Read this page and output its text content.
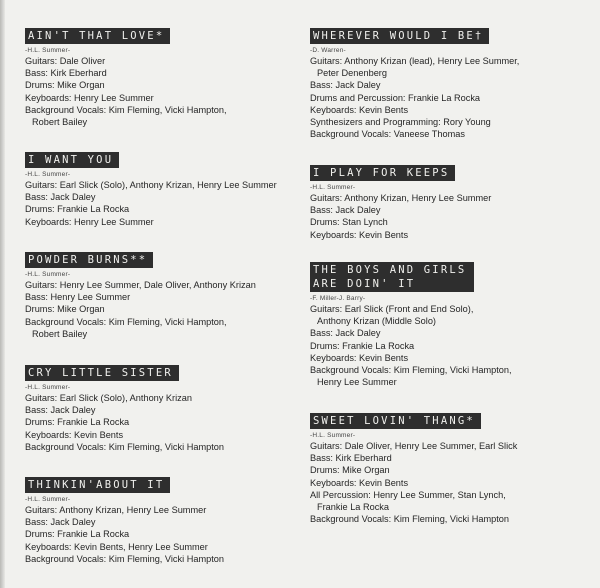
AIN'T THAT LOVE*
-H.L. Summer-
Guitars: Dale Oliver
Bass: Kirk Eberhard
Drums: Mike Organ
Keyboards: Henry Lee Summer
Background Vocals: Kim Fleming, Vicki Hampton,
Robert Bailey
I WANT YOU
-H.L. Summer-
Guitars: Earl Slick (Solo), Anthony Krizan, Henry Lee Summer
Bass: Jack Daley
Drums: Frankie La Rocka
Keyboards: Henry Lee Summer
POWDER BURNS**
-H.L. Summer-
Guitars: Henry Lee Summer, Dale Oliver, Anthony Krizan
Bass: Henry Lee Summer
Drums: Mike Organ
Background Vocals: Kim Fleming, Vicki Hampton,
Robert Bailey
CRY LITTLE SISTER
-H.L. Summer-
Guitars: Earl Slick (Solo), Anthony Krizan
Bass: Jack Daley
Drums: Frankie La Rocka
Keyboards: Kevin Bents
Background Vocals: Kim Fleming, Vicki Hampton
THINKIN'ABOUT IT
-H.L. Summer-
Guitars: Anthony Krizan, Henry Lee Summer
Bass: Jack Daley
Drums: Frankie La Rocka
Keyboards: Kevin Bents, Henry Lee Summer
Background Vocals: Kim Fleming, Vicki Hampton
WHEREVER WOULD I BE†
-D. Warren-
Guitars: Anthony Krizan (lead), Henry Lee Summer,
Peter Denenberg
Bass: Jack Daley
Drums and Percussion: Frankie La Rocka
Keyboards: Kevin Bents
Synthesizers and Programming: Rory Young
Background Vocals: Vaneese Thomas
I PLAY FOR KEEPS
-H.L. Summer-
Guitars: Anthony Krizan, Henry Lee Summer
Bass: Jack Daley
Drums: Stan Lynch
Keyboards: Kevin Bents
THE BOYS AND GIRLS
ARE DOIN' IT
-F. Miller-J. Barry-
Guitars: Earl Slick (Front and End Solo),
Anthony Krizan (Middle Solo)
Bass: Jack Daley
Drums: Frankie La Rocka
Keyboards: Kevin Bents
Background Vocals: Kim Fleming, Vicki Hampton,
Henry Lee Summer
SWEET LOVIN' THANG*
-H.L. Summer-
Guitars: Dale Oliver, Henry Lee Summer, Earl Slick
Bass: Kirk Eberhard
Drums: Mike Organ
Keyboards: Kevin Bents
All Percussion: Henry Lee Summer, Stan Lynch,
Frankie La Rocka
Background Vocals: Kim Fleming, Vicki Hampton
